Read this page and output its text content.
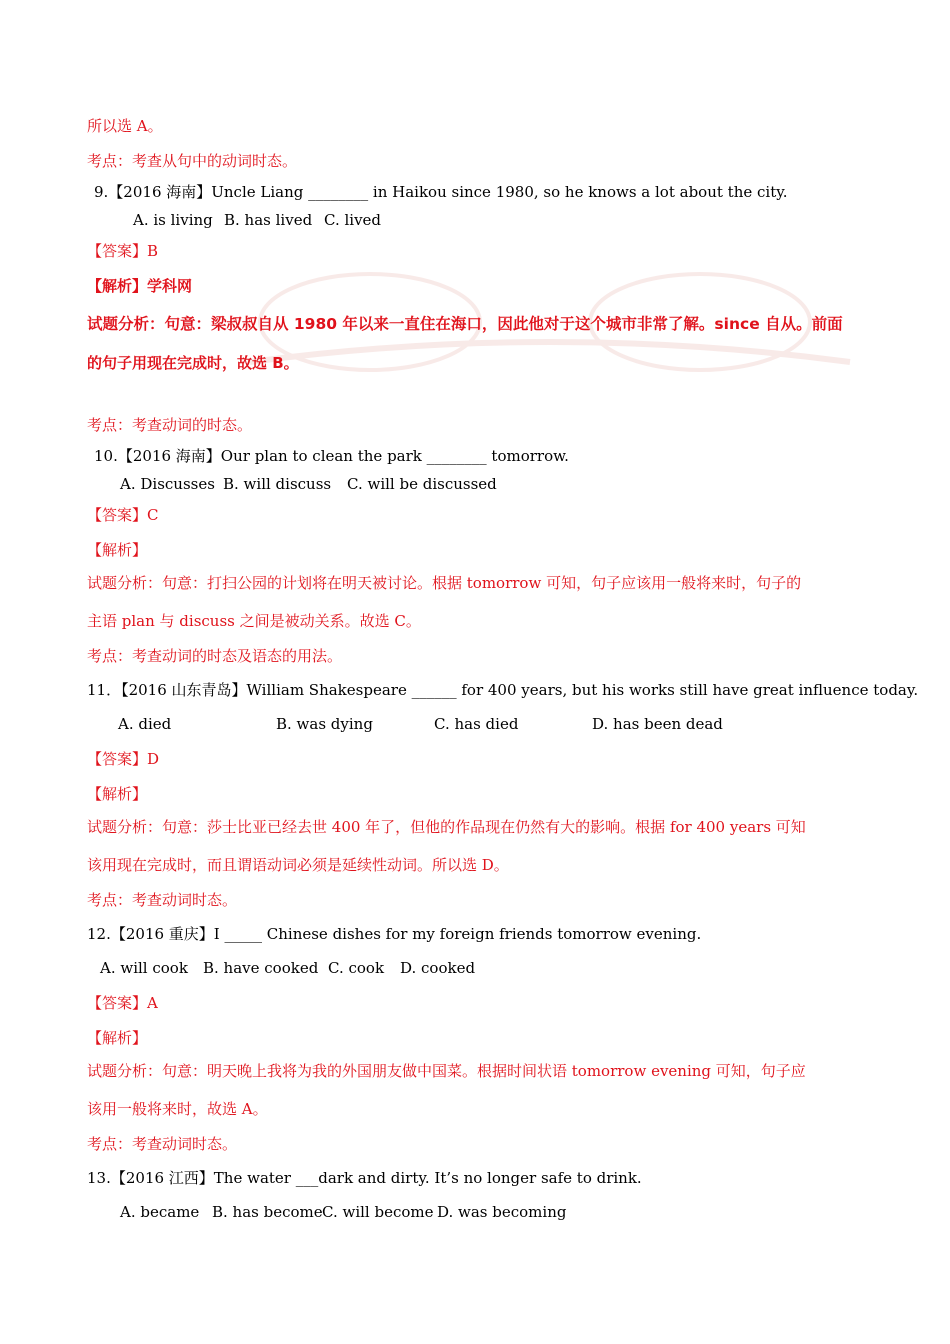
所以选 A。
考点：考查从句中的动词时态。
9.【2016 海南】Uncle Liang ________ in Haikou since 1980, so he knows a lot about the city.
A. is living B. has lived C. lived
【答案】B
【解析】学科网
试题分析：句意：梁叔叔自从 1980 年以来一直住在海口，因此他对于这个城市非常了解。since 自从。前面
的句子用现在完成时，故选 B。
考点：考查动词的时态。
10.【2016 海南】Our plan to clean the park ________ tomorrow.
A. Discusses B. will discuss C. will be discussed
【答案】C
【解析】
试题分析：句意：打扫公园的计划将在明天被讨论。根据 tomorrow 可知，句子应该用一般将来时，句子的
主语 plan 与 discuss 之间是被动关系。故选 C。
考点：考查动词的时态及语态的用法。
11．【2016 山东青岛】William Shakespeare ______ for 400 years, but his works still have great influence today.
A. died	B. was dying	C. has died	D. has been dead
【答案】D
【解析】
试题分析：句意：莎士比亚已经去世 400 年了，但他的作品现在仍然有大的影响。根据 for 400 years 可知
该用现在完成时，而且谓语动词必须是延续性动词。所以选 D。
考点：考查动词时态。
12.【2016 重庆】I _____ Chinese dishes for my foreign friends tomorrow evening.
A. will cook B. have cooked C. cook D. cooked
【答案】A
【解析】
试题分析：句意：明天晚上我将为我的外国朋友做中国菜。根据时间状语 tomorrow evening 可知，句子应
该用一般将来时，故选 A。
考点：考查动词时态。
13.【2016 江西】The water ___dark and dirty. It’s no longer safe to drink.
A. became B. has becomeC. will become D. was becoming
